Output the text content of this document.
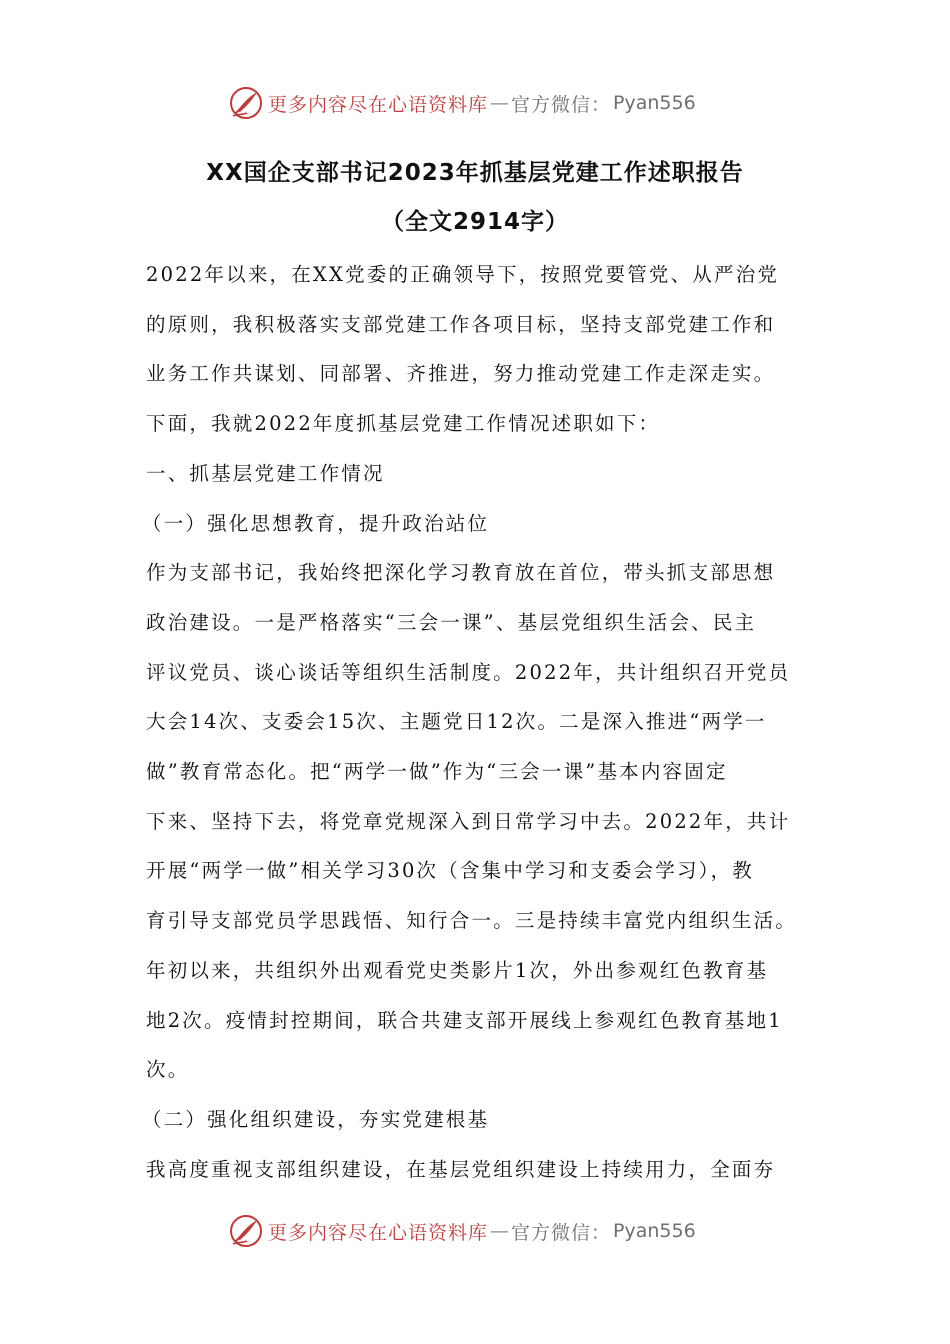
更多内容尽在心语资料库 — 官方微信： Pyan556
XX国企支部书记2023年抓基层党建工作述职报告
（全文2914字）
2022年以来，在XX党委的正确领导下，按照党要管党、从严治党
的原则，我积极落实支部党建工作各项目标，坚持支部党建工作和
业务工作共谋划、同部署、齐推进，努力推动党建工作走深走实。
下面，我就2022年度抓基层党建工作情况述职如下：
一、抓基层党建工作情况
（一）强化思想教育，提升政治站位
作为支部书记，我始终把深化学习教育放在首位，带头抓支部思想
政治建设。一是严格落实“三会一课”、基层党组织生活会、民主
评议党员、谈心谈话等组织生活制度。2022年，共计组织召开党员
大会14次、支委会15次、主题党日12次。二是深入推进“两学一
做”教育常态化。把“两学一做”作为“三会一课”基本内容固定
下来、坚持下去，将党章党规深入到日常学习中去。2022年，共计
开展“两学一做”相关学习30次（含集中学习和支委会学习），教
育引导支部党员学思践悟、知行合一。三是持续丰富党内组织生活。
年初以来，共组织外出观看党史类影片1次，外出参观红色教育基
地2次。疫情封控期间，联合共建支部开展线上参观红色教育基地1
次。
（二）强化组织建设，夯实党建根基
我高度重视支部组织建设，在基层党组织建设上持续用力，全面夯
更多内容尽在心语资料库 — 官方微信： Pyan556
